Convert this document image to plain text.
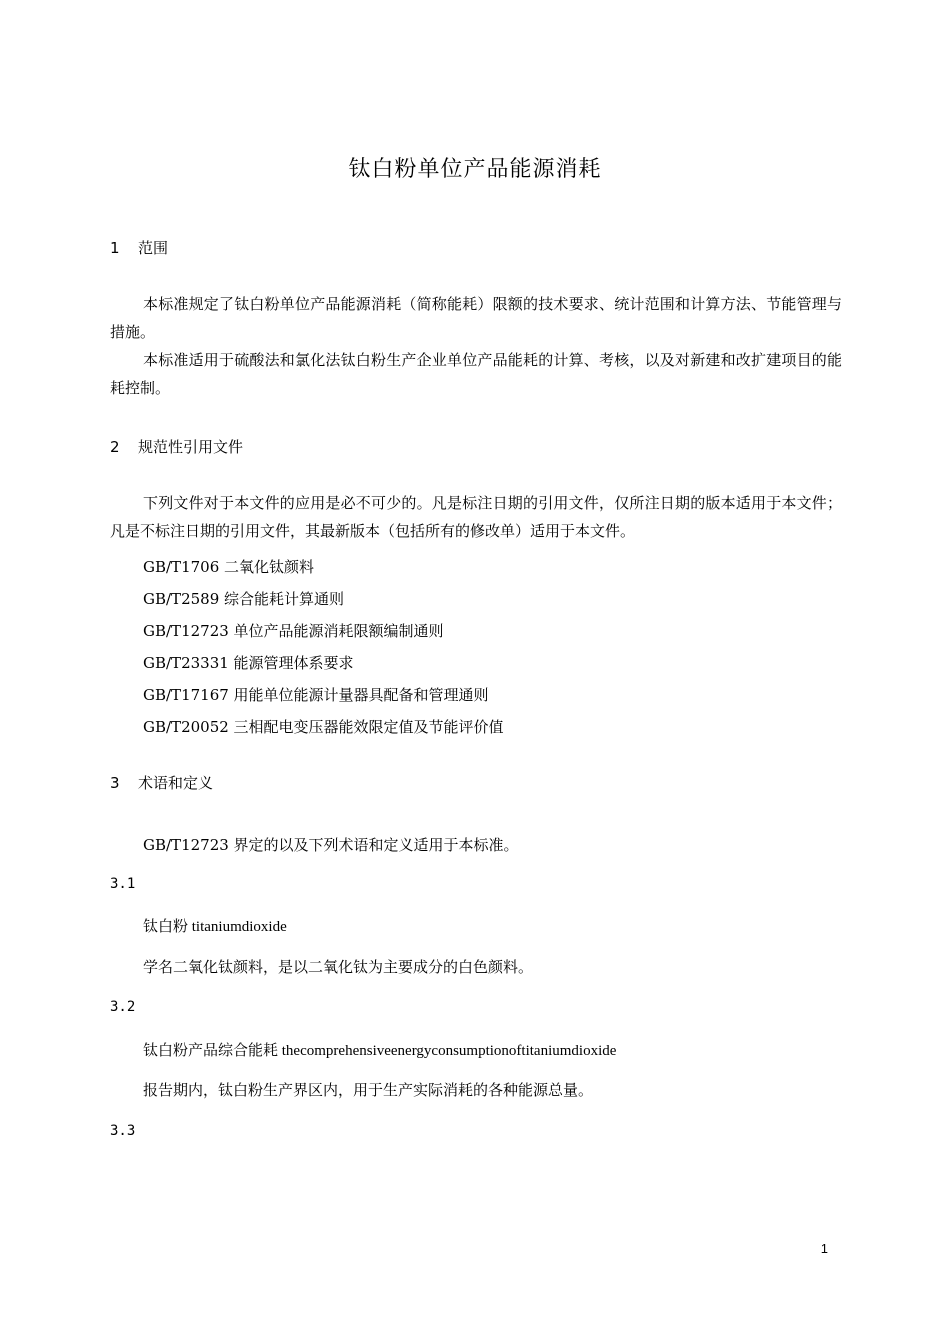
钛白粉单位产品能源消耗
1 范围
本标准规定了钛白粉单位产品能源消耗（简称能耗）限额的技术要求、统计范围和计算方法、节能管理与措施。
本标准适用于硫酸法和氯化法钛白粉生产企业单位产品能耗的计算、考核，以及对新建和改扩建项目的能耗控制。
2 规范性引用文件
下列文件对于本文件的应用是必不可少的。凡是标注日期的引用文件，仅所注日期的版本适用于本文件；凡是不标注日期的引用文件，其最新版本（包括所有的修改单）适用于本文件。
GB/T1706 二氧化钛颜料
GB/T2589 综合能耗计算通则
GB/T12723 单位产品能源消耗限额编制通则
GB/T23331 能源管理体系要求
GB/T17167 用能单位能源计量器具配备和管理通则
GB/T20052 三相配电变压器能效限定值及节能评价值
3 术语和定义
GB/T12723 界定的以及下列术语和定义适用于本标准。
3.1
钛白粉 titaniumdioxide
学名二氧化钛颜料，是以二氧化钛为主要成分的白色颜料。
3.2
钛白粉产品综合能耗 thecomprehensiveenergyconsumptionoftitaniumdioxide
报告期内，钛白粉生产界区内，用于生产实际消耗的各种能源总量。
3.3
1
